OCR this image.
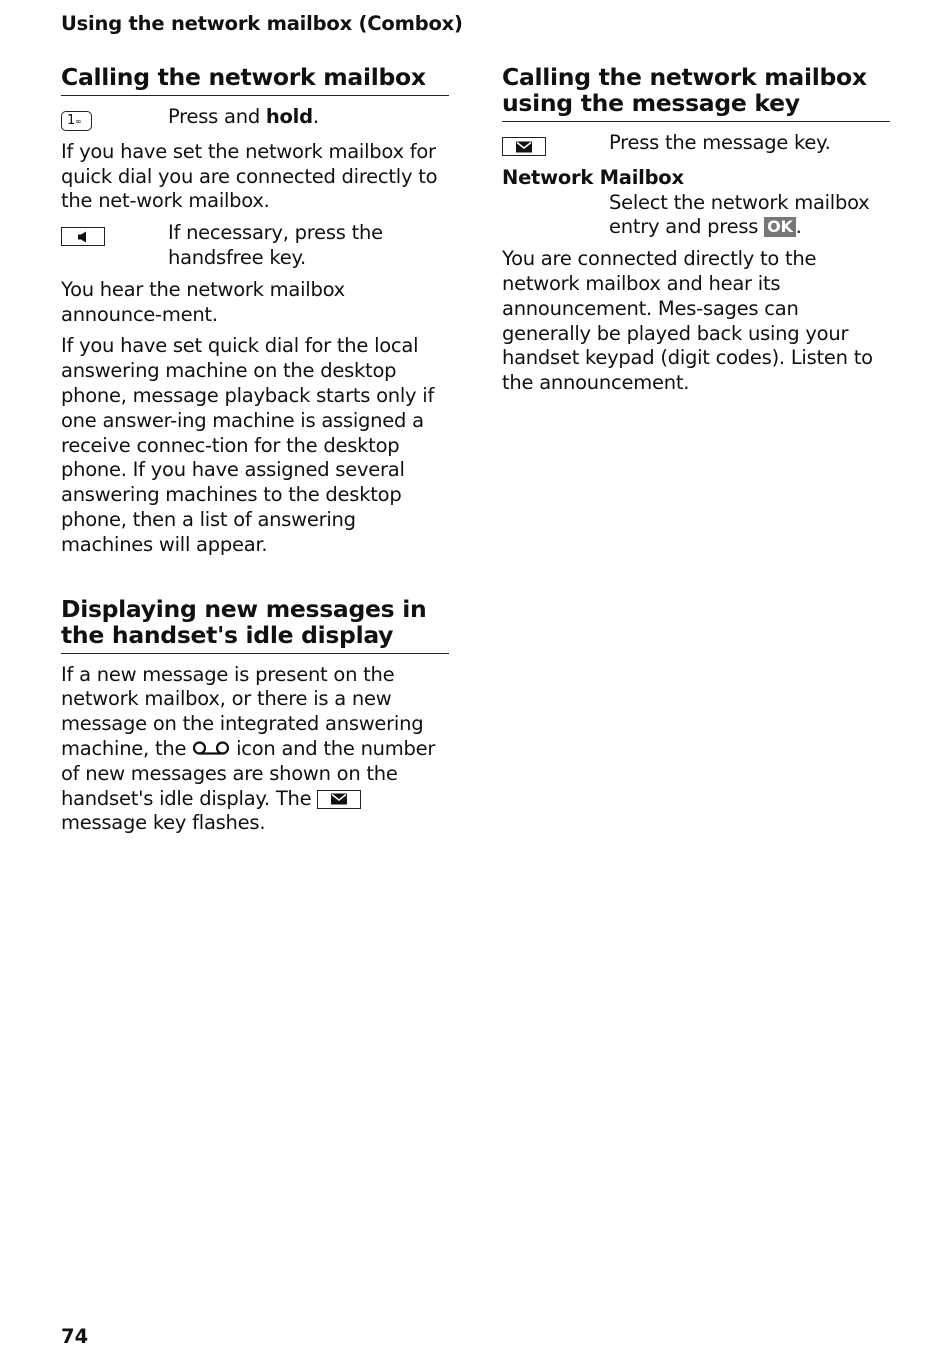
Using the network mailbox (Combox)
Calling the network mailbox
1∞	Press and hold.

If you have set the network mailbox for quick dial you are connected directly to the net-work mailbox.

If necessary, press the handsfree key.

You hear the network mailbox announce-ment.

If you have set quick dial for the local answering machine on the desktop phone, message playback starts only if one answer-ing machine is assigned a receive connec-tion for the desktop phone. If you have assigned several answering machines to the desktop phone, then a list of answering machines will appear.

Displaying new messages in the handset's idle display

If a new message is present on the network mailbox, or there is a new message on the integrated answering machine, the  icon and the number of new messages are shown on the handset's idle display. The
message key flashes.

Calling the network mailbox using the message key
Press the message key.
Network Mailbox
Select the network mailbox entry and press OK .

You are connected directly to the network mailbox and hear its announcement. Mes-sages can generally be played back using your handset keypad (digit codes). Listen to the announcement.

74
